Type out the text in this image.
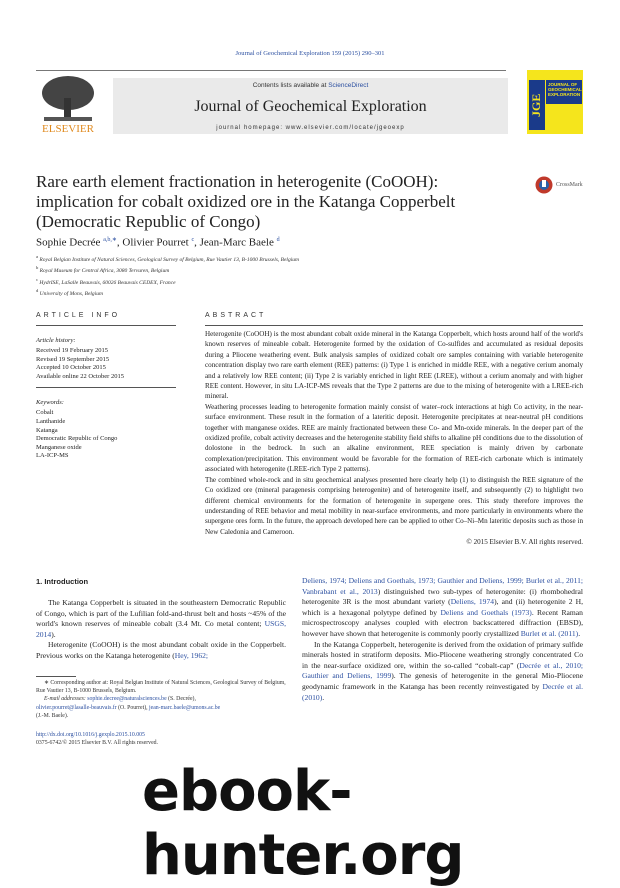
Journal of Geochemical Exploration 159 (2015) 290–301
ELSEVIER
Contents lists available at ScienceDirect
Journal of Geochemical Exploration
journal homepage: www.elsevier.com/locate/jgeoexp
JGE
JOURNAL OF GEOCHEMICAL EXPLORATION
Rare earth element fractionation in heterogenite (CoOOH): implication for cobalt oxidized ore in the Katanga Copperbelt (Democratic Republic of Congo)
CrossMark
Sophie Decrée $^{a,b,∗}$, Olivier Pourret $^c$, Jean-Marc Baele $^d$
$^a$ Royal Belgian Institute of Natural Sciences, Geological Survey of Belgium, Rue Vautier 13, B-1000 Brussels, Belgium
$^b$ Royal Museum for Central Africa, 3080 Tervuren, Belgium
$^c$ HydrISE, LaSalle Beauvais, 60026 Beauvais CEDEX, France
$^d$ University of Mons, Belgium
ARTICLE INFO
Article history:
Received 19 February 2015
Revised 19 September 2015
Accepted 10 October 2015
Available online 22 October 2015
Keywords:
Cobalt
Lanthanide
Katanga
Democratic Republic of Congo
Manganese oxide
LA-ICP-MS
ABSTRACT

Heterogenite (CoOOH) is the most abundant cobalt oxide mineral in the Katanga Copperbelt, which hosts around half of the world's known reserves of mineable cobalt. Heterogenite formed by the oxidation of Co-sulfides and accumulated as residual deposits during a Pliocene weathering event. Bulk analysis samples of oxidized cobalt ore samples containing with variable heterogenite concentration display two rare earth element (REE) patterns: (i) Type 1 is enriched in middle REE, with a negative cerium anomaly and a relatively low REE content; (ii) Type 2 is variably enriched in light REE (LREE), without a cerium anomaly and with higher REE content. However, in situ LA-ICP-MS reveals that the Type 2 patterns are due to the mixing of heterogenite with a LREE-rich mineral.

Weathering processes leading to heterogenite formation mainly consist of water–rock interactions at high Co activity, in the near-surface environment. These result in the formation of a lateritic deposit. Heterogenite precipitates at near-neutral pH conditions together with manganese oxides. REE are mainly fractionated between these Co- and Mn-oxide minerals. In the deeper part of the oxidized profile, cobalt activity decreases and the heterogenite stability field shifts to alkaline pH conditions due to the dissolution of dolostone in the bedrock. In such an alkaline environment, REE speciation is mainly driven by carbonate complexation/precipitation. This environment would be favorable for the formation of REE-rich carbonate which is intimately associated with heterogenite (LREE-rich Type 2 patterns).

The combined whole-rock and in situ geochemical analyses presented here clearly help (1) to distinguish the REE signature of the Co oxidized ore (mineral paragenesis comprising heterogenite) and of heterogenite itself, and subsequently (2) to highlight two different chemical environments for the formation of heterogenite in supergene ores. This study therefore improves the understanding of REE behavior and metal mobility in near-surface environments, and more particularly in environments where the supergene ores form. In the future, the approach developed here can be applied to other Co–Ni–Mn lateritic deposits such as those in New Caledonia and Cameroon.

© 2015 Elsevier B.V. All rights reserved.

1. Introduction

The Katanga Copperbelt is situated in the southeastern Democratic Republic of Congo, which is part of the Lufilian fold-and-thrust belt and hosts ~45% of the world's known reserves of mineable cobalt (3.4 Mt. Co metal content; USGS, 2014).

Heterogenite (CoOOH) is the most abundant cobalt oxide in the Copperbelt. Previous works on the Katanga heterogenite (Hey, 1962;

Deliens, 1974; Deliens and Goethals, 1973; Gauthier and Deliens, 1999; Burlet et al., 2011; Vanbrabant et al., 2013) distinguished two sub-types of heterogenite: (i) rhombohedral heterogenite 3R is the most abundant variety (Deliens, 1974), and (ii) heterogenite 2 H, which is a hexagonal polytype defined by Deliens and Goethals (1973). Recent Raman microspectroscopy analyses coupled with electron backscattered diffraction (EBSD), however have shown that heterogenite is commonly poorly crystallized Burlet et al. (2011).

In the Katanga Copperbelt, heterogenite is derived from the oxidation of primary sulfide minerals hosted in stratiform deposits. Mio-Pliocene weathering strongly concentrated Co in the near-surface oxidized ore, within the so-called “cobalt-cap” (Decrée et al., 2010; Gauthier and Deliens, 1999). The genesis of heterogenite in the general Mio-Pliocene geodynamic framework in the Katanga has been recently reinvestigated by Decrée et al. (2010).

∗ Corresponding author at: Royal Belgian Institute of Natural Sciences, Geological Survey of Belgium, Rue Vautier 13, B-1000 Brussels, Belgium.
E-mail addresses: sophie.decree@naturalsciences.be (S. Decrée),
olivier.pourret@lasalle-beauvais.fr (O. Pourret), jean-marc.baele@umons.ac.be
(J.-M. Baele).
http://dx.doi.org/10.1016/j.gexplo.2015.10.005
0375-6742/© 2015 Elsevier B.V. All rights reserved.
ebook-hunter.org
